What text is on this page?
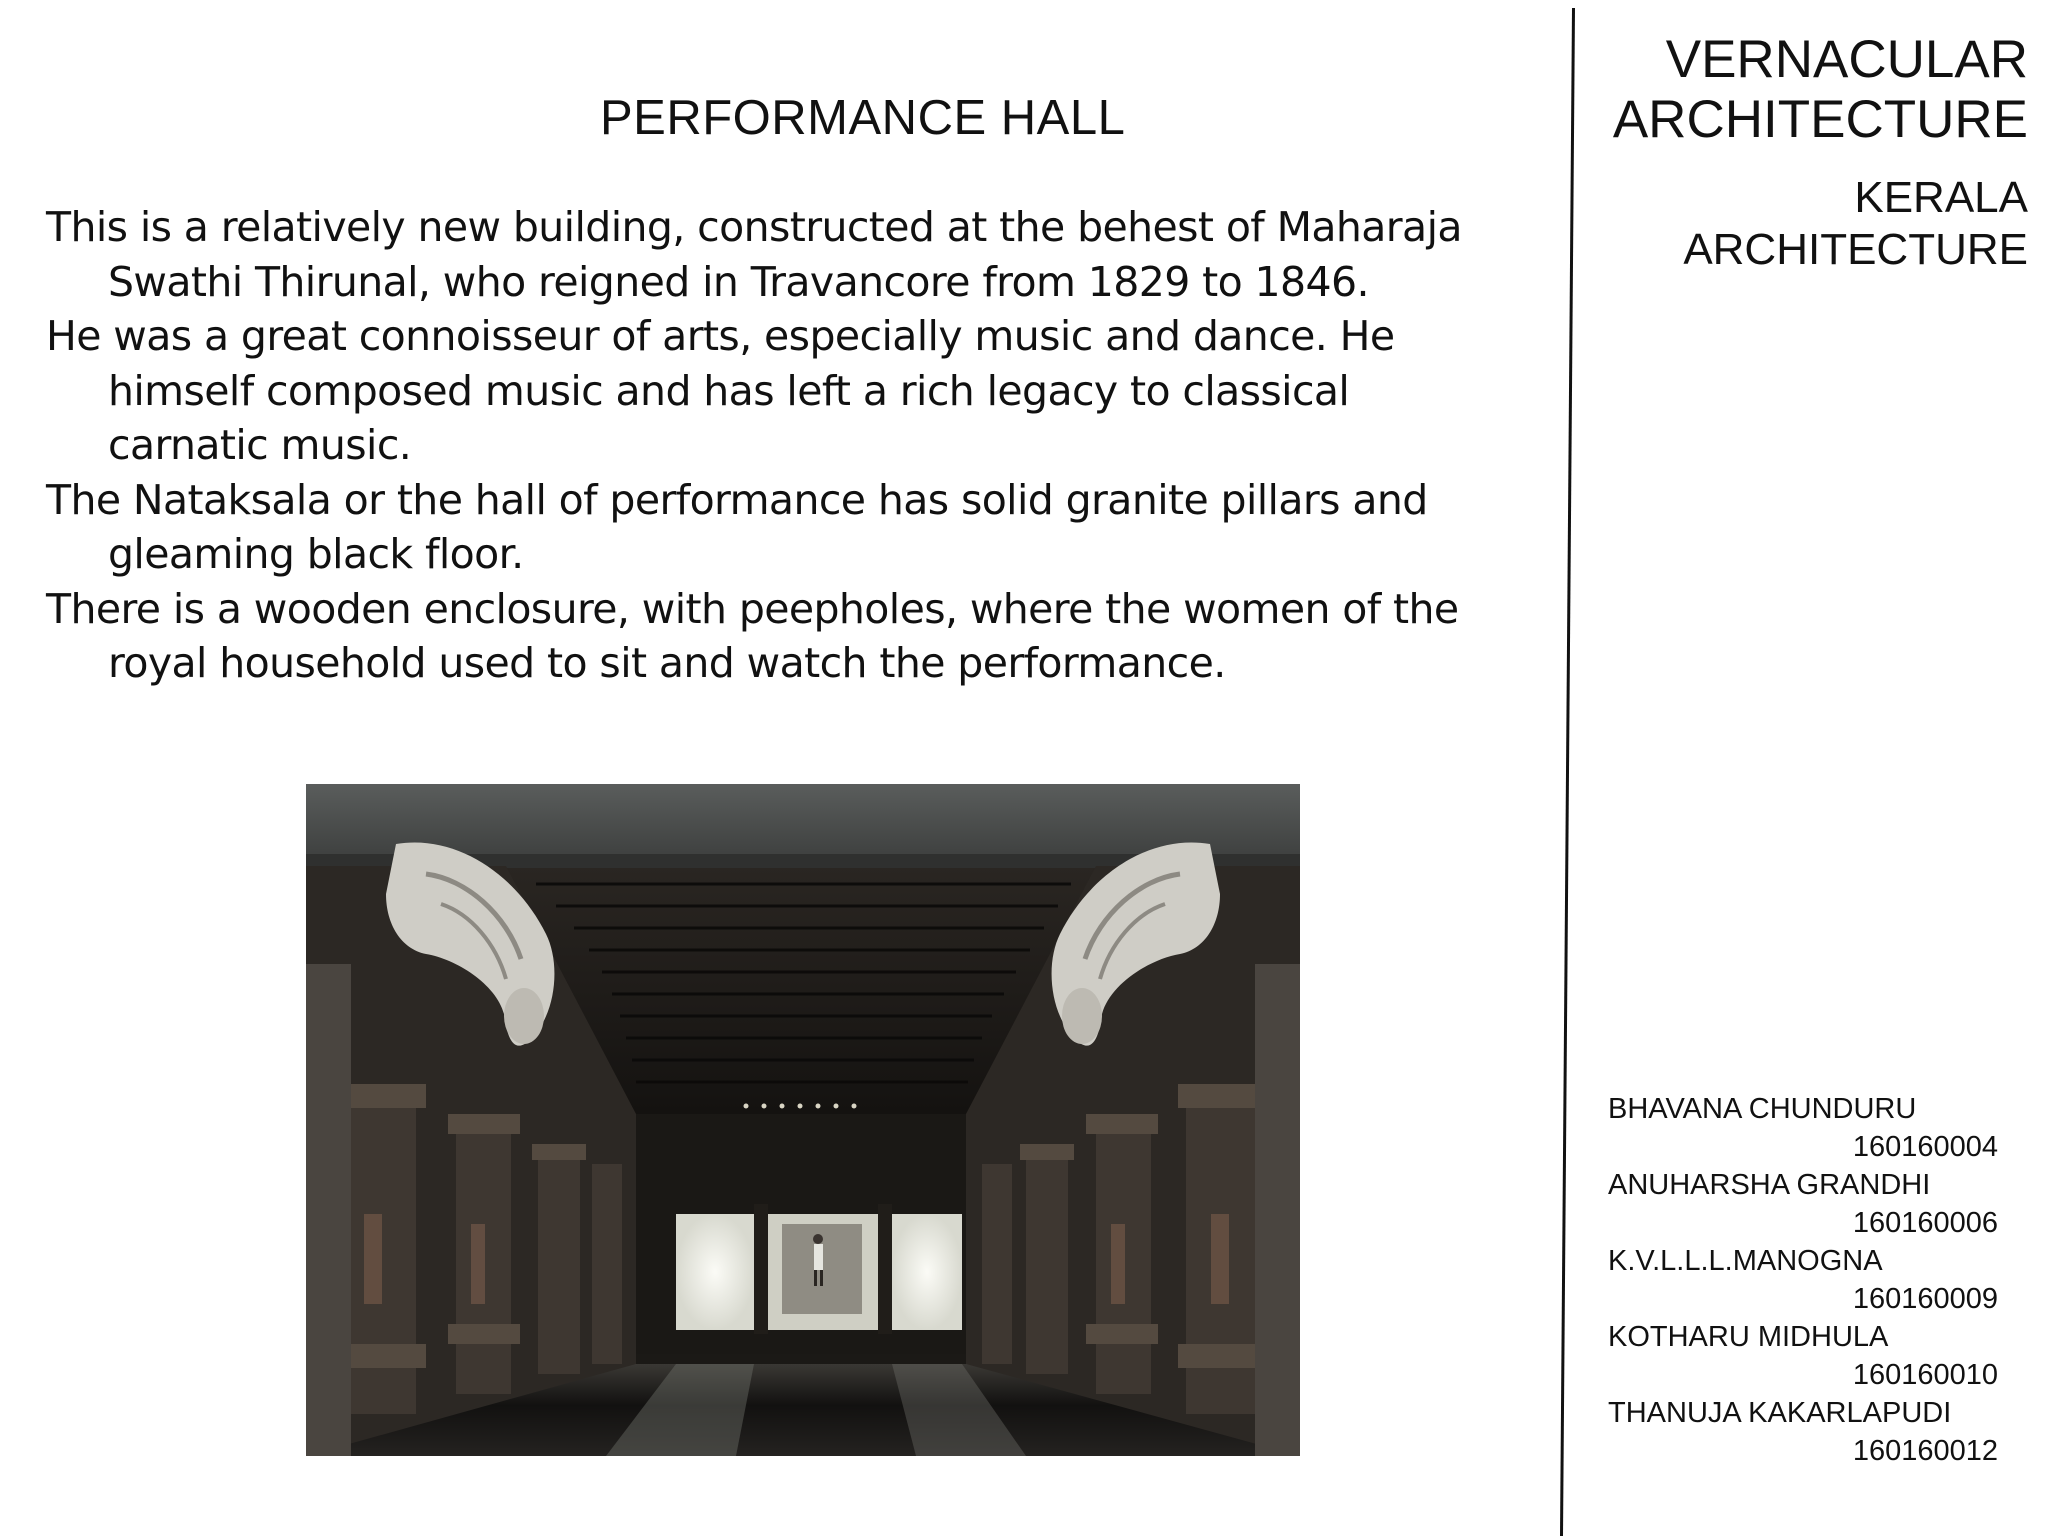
PERFORMANCE HALL
This is a relatively new building, constructed at the behest of Maharaja Swathi Thirunal, who reigned in Travancore from 1829 to 1846.
He was a great connoisseur of arts, especially music and dance. He himself composed music and has left a rich legacy to classical carnatic music.
The Nataksala or the hall of performance has solid granite pillars and gleaming black floor.
There is a wooden enclosure, with peepholes, where the women of the royal household used to sit and watch the performance.
VERNACULAR
ARCHITECTURE
KERALA
ARCHITECTURE
BHAVANA CHUNDURU
160160004
ANUHARSHA GRANDHI
160160006
K.V.L.L.L.MANOGNA
160160009
KOTHARU MIDHULA
160160010
THANUJA KAKARLAPUDI
160160012
